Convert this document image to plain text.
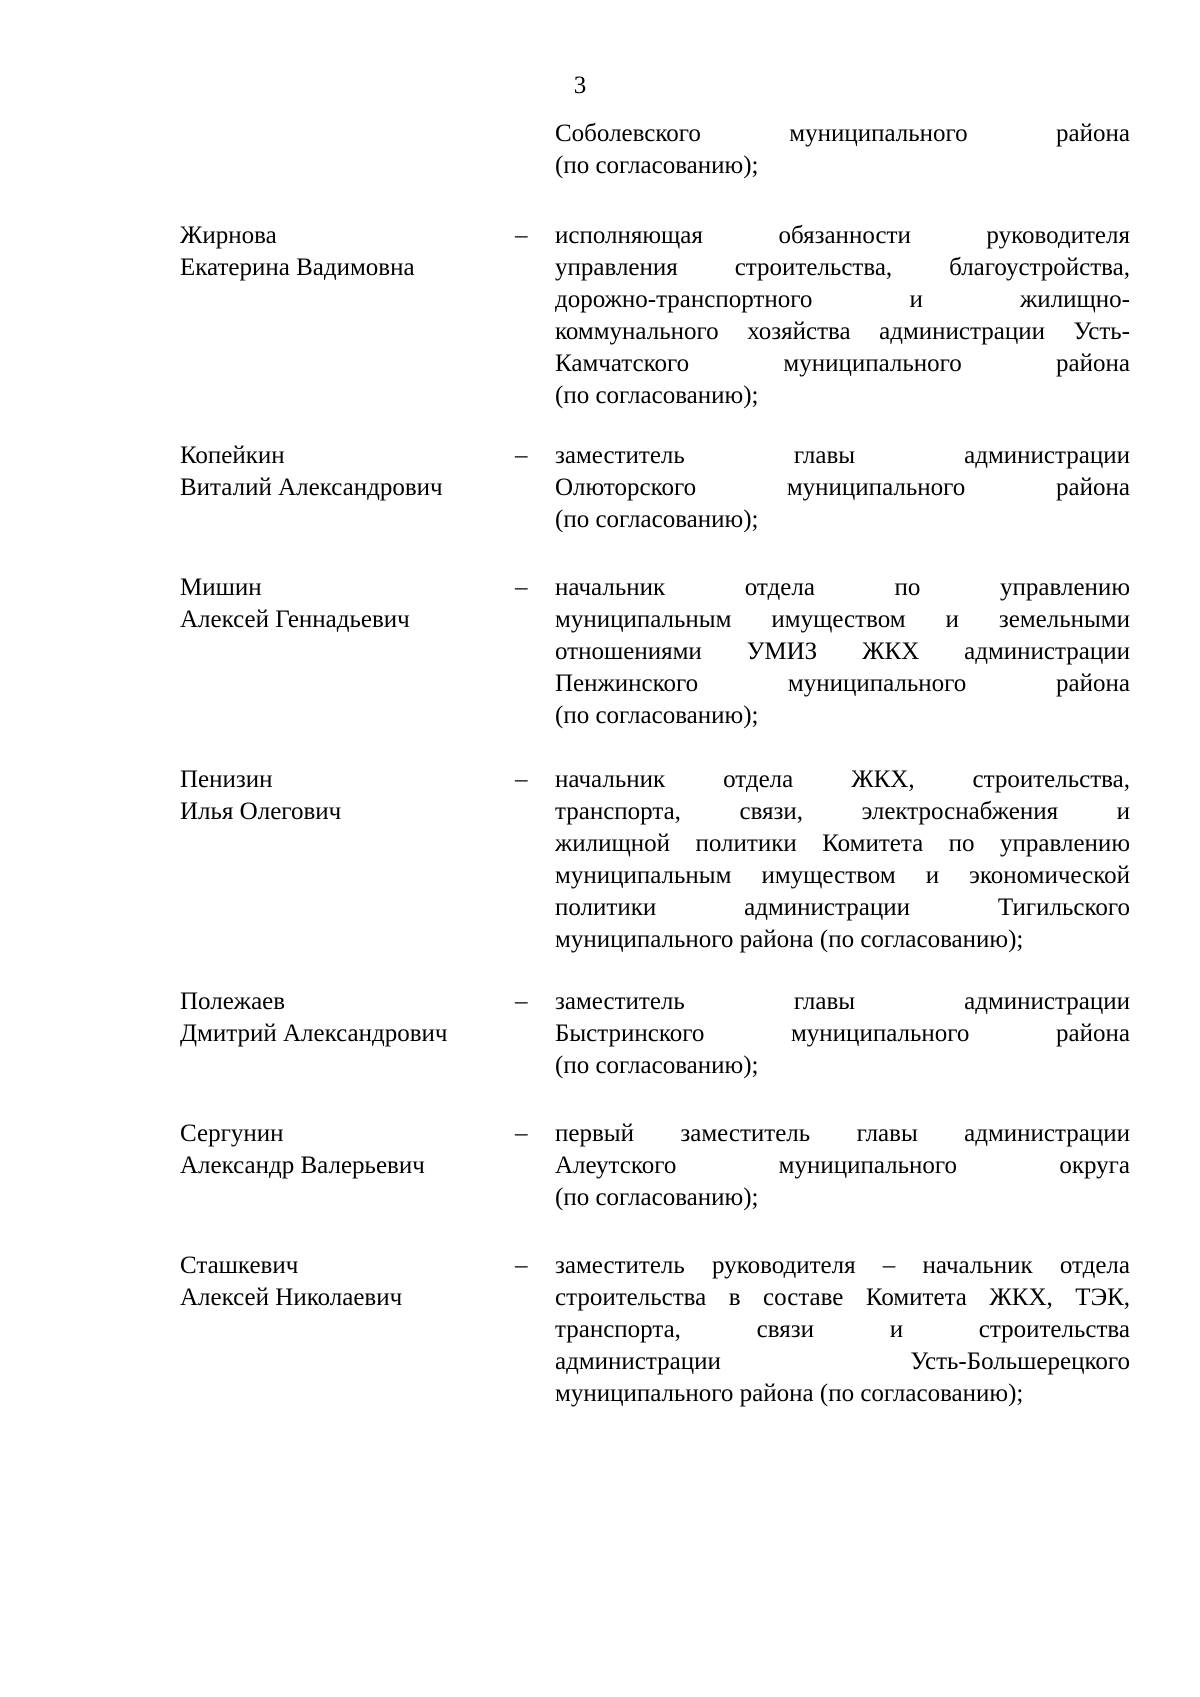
3
Соболевского муниципального района
(по согласованию);
Жирнова
Екатерина Вадимовна
– исполняющая обязанности руководителя
управления строительства, благоустройства,
дорожно-транспортного и жилищно-
коммунального хозяйства администрации Усть-
Камчатского муниципального района
(по согласованию);
Копейкин
Виталий Александрович
– заместитель главы администрации
Олюторского муниципального района
(по согласованию);
Мишин
Алексей Геннадьевич
– начальник отдела по управлению
муниципальным имуществом и земельными
отношениями УМИЗ ЖКХ администрации
Пенжинского муниципального района
(по согласованию);
Пенизин
Илья Олегович
– начальник отдела ЖКХ, строительства,
транспорта, связи, электроснабжения и
жилищной политики Комитета по управлению
муниципальным имуществом и экономической
политики администрации Тигильского
муниципального района (по согласованию);
Полежаев
Дмитрий Александрович
– заместитель главы администрации
Быстринского муниципального района
(по согласованию);
Сергунин
Александр Валерьевич
– первый заместитель главы администрации
Алеутского муниципального округа
(по согласованию);
Сташкевич
Алексей Николаевич
– заместитель руководителя – начальник отдела
строительства в составе Комитета ЖКХ, ТЭК,
транспорта, связи и строительства
администрации Усть-Большерецкого
муниципального района (по согласованию);
